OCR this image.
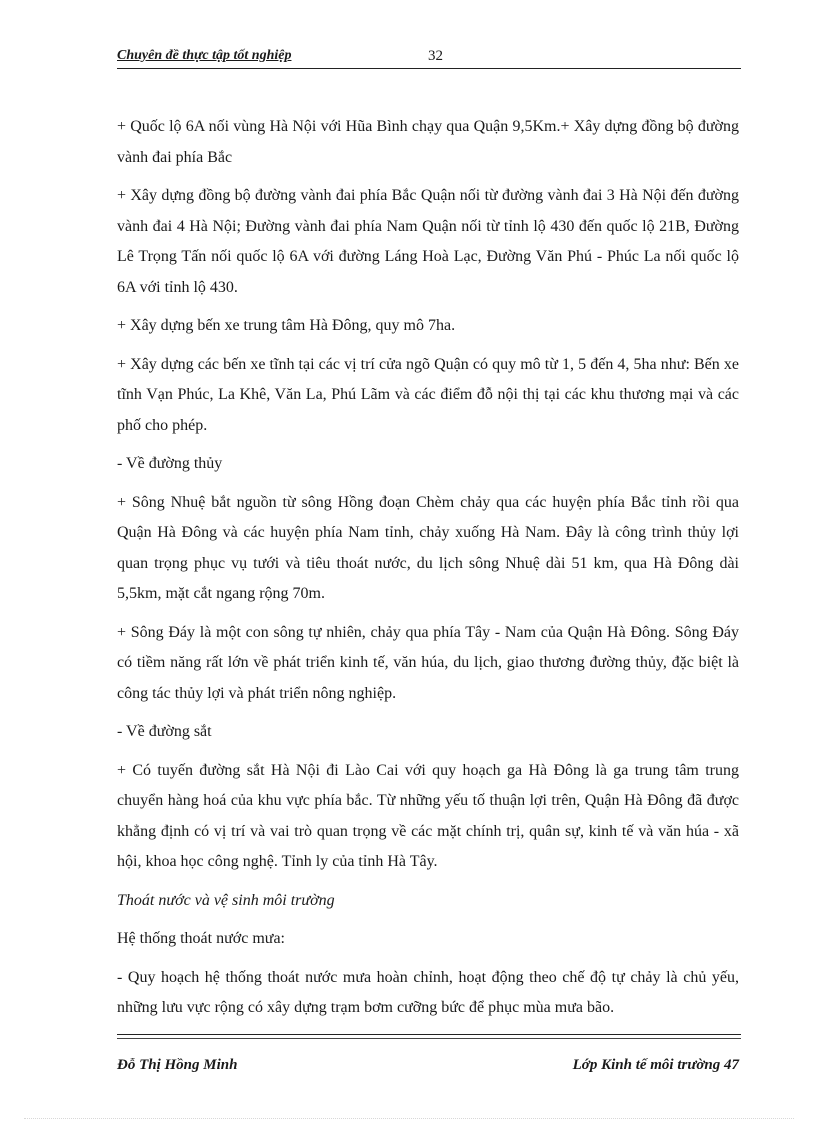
Chuyên đề thực tập tốt nghiệp	32

+ Quốc lộ 6A nối vùng Hà Nội với Hũa Bình chạy qua Quận 9,5Km.+ Xây dựng đồng bộ đường vành đai phía Bắc

+ Xây dựng đồng bộ đường vành đai phía Bắc Quận nối từ đường vành đai 3 Hà Nội đến đường vành đai 4 Hà Nội; Đường vành đai phía Nam Quận nối từ tỉnh lộ 430 đến quốc lộ 21B, Đường Lê Trọng Tấn nối quốc lộ 6A với đường Láng Hoà Lạc, Đường Văn Phú - Phúc La nối quốc lộ 6A với tỉnh lộ 430.

+ Xây dựng bến xe trung tâm Hà Đông, quy mô 7ha.

+ Xây dựng các bến xe tĩnh tại các vị trí cửa ngõ Quận có quy mô từ 1, 5 đến 4, 5ha như: Bến xe tĩnh Vạn Phúc, La Khê, Văn La, Phú Lãm và các điểm đỗ nội thị tại các khu thương mại và các phố cho phép.

- Về đường thủy

+ Sông Nhuệ bắt nguồn từ sông Hồng đoạn Chèm chảy qua các huyện phía Bắc tỉnh rồi qua Quận Hà Đông và các huyện phía Nam tỉnh, chảy xuống Hà Nam. Đây là công trình thủy lợi quan trọng phục vụ tưới và tiêu thoát nước, du lịch sông Nhuệ dài 51 km, qua Hà Đông dài 5,5km, mặt cắt ngang rộng 70m.

+ Sông Đáy là một con sông tự nhiên, chảy qua phía Tây - Nam của Quận Hà Đông. Sông Đáy có tiềm năng rất lớn về phát triển kinh tế, văn húa, du lịch, giao thương đường thủy, đặc biệt là công tác thủy lợi và phát triển nông nghiệp.

- Về đường sắt

+ Có tuyến đường sắt Hà Nội đi Lào Cai với quy hoạch ga Hà Đông là ga trung tâm trung chuyển hàng hoá của khu vực phía bắc. Từ những yếu tố thuận lợi trên, Quận Hà Đông đã được khẳng định có vị trí và vai trò quan trọng về các mặt chính trị, quân sự, kinh tế và văn húa - xã hội, khoa học công nghệ. Tỉnh ly của tỉnh Hà Tây.

Thoát nước và vệ sinh môi trường

Hệ thống thoát nước mưa:

- Quy hoạch hệ thống thoát nước mưa hoàn chỉnh, hoạt động theo chế độ tự chảy là chủ yếu, những lưu vực rộng có xây dựng trạm bơm cưỡng bức để phục mùa mưa bão.

Đỗ Thị Hồng Minh	Lớp Kinh tế môi trường 47
